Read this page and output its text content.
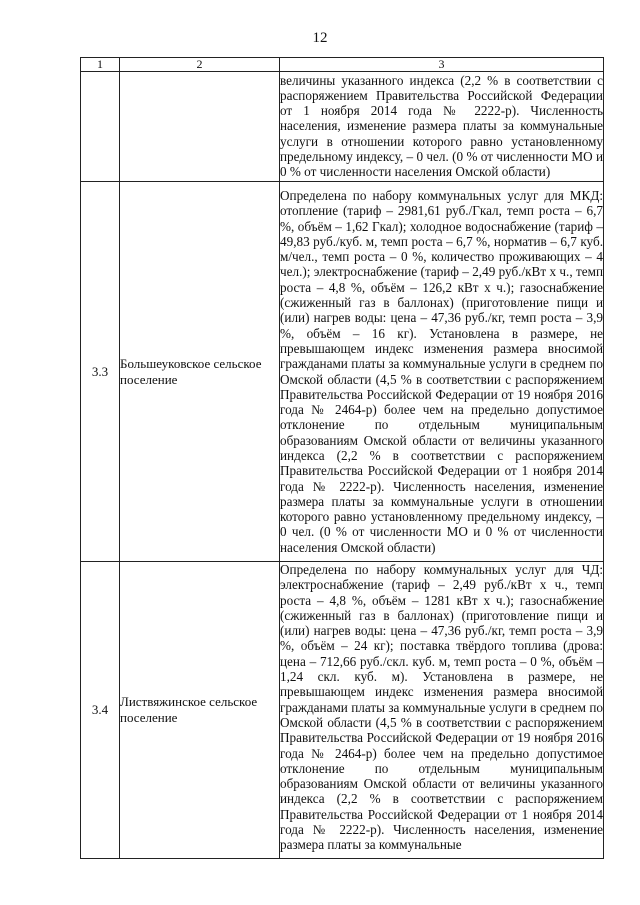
12
1	2	3

		величины указанного индекса (2,2 % в соответствии с распоряжением Правительства Российской Федерации от 1 ноября 2014 года № 2222-р). Численность населения, изменение размера платы за коммунальные услуги в отношении которого равно установленному предельному индексу, – 0 чел. (0 % от численности МО и 0 % от численности населения Омской области)

3.3	Большеуковское сельское поселение	Определена по набору коммунальных услуг для МКД: отопление (тариф – 2981,61 руб./Гкал, темп роста – 6,7 %, объём – 1,62 Гкал); холодное водоснабжение (тариф – 49,83 руб./куб. м, темп роста – 6,7 %, норматив – 6,7 куб. м/чел., темп роста – 0 %, количество проживающих – 4 чел.); электроснабжение (тариф – 2,49 руб./кВт х ч., темп роста – 4,8 %, объём – 126,2 кВт х ч.); газоснабжение (сжиженный газ в баллонах) (приготовление пищи и (или) нагрев воды: цена – 47,36 руб./кг, темп роста – 3,9 %, объём – 16 кг). Установлена в размере, не превышающем индекс изменения размера вносимой гражданами платы за коммунальные услуги в среднем по Омской области (4,5 % в соответствии с распоряжением Правительства Российской Федерации от 19 ноября 2016 года № 2464-р) более чем на предельно допустимое отклонение по отдельным муниципальным образованиям Омской области от величины указанного индекса (2,2 % в соответствии с распоряжением Правительства Российской Федерации от 1 ноября 2014 года № 2222-р). Численность населения, изменение размера платы за коммунальные услуги в отношении которого равно установленному предельному индексу, – 0 чел. (0 % от численности МО и 0 % от численности населения Омской области)
3.4	Листвяжинское сельское поселение	Определена по набору коммунальных услуг для ЧД: электроснабжение (тариф – 2,49 руб./кВт х ч., темп роста – 4,8 %, объём – 1281 кВт х ч.); газоснабжение (сжиженный газ в баллонах) (приготовление пищи и (или) нагрев воды: цена – 47,36 руб./кг, темп роста – 3,9 %, объём – 24 кг); поставка твёрдого топлива (дрова: цена – 712,66 руб./скл. куб. м, темп роста – 0 %, объём – 1,24 скл. куб. м). Установлена в размере, не превышающем индекс изменения размера вносимой гражданами платы за коммунальные услуги в среднем по Омской области (4,5 % в соответствии с распоряжением Правительства Российской Федерации от 19 ноября 2016 года № 2464-р) более чем на предельно допустимое отклонение по отдельным муниципальным образованиям Омской области от величины указанного индекса (2,2 % в соответствии с распоряжением Правительства Российской Федерации от 1 ноября 2014 года № 2222-р). Численность населения, изменение размера платы за коммунальные
